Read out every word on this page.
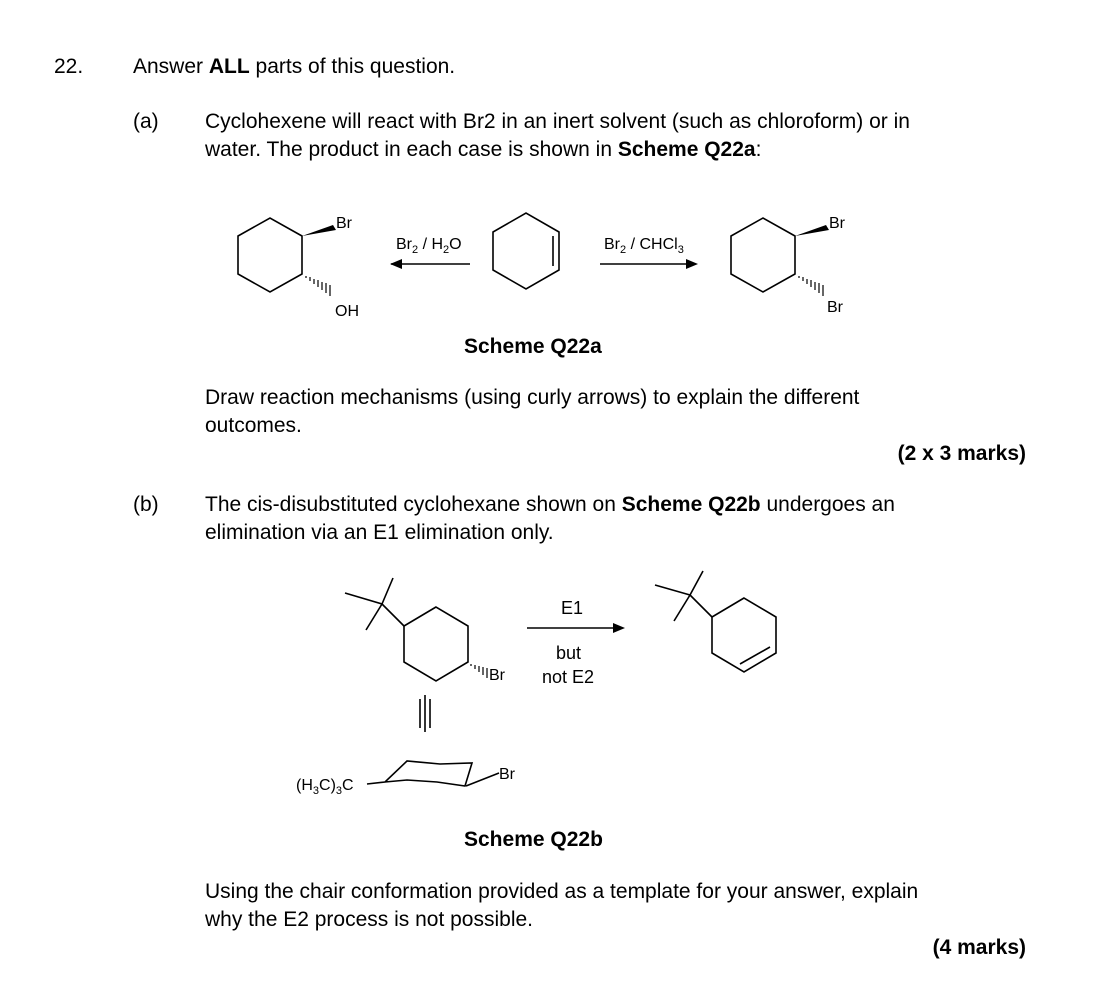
22. Answer ALL parts of this question.
(a) Cyclohexene will react with Br2 in an inert solvent (such as chloroform) or in
water. The product in each case is shown in Scheme Q22a:
Br
OH
Br
Br
$Br_2 / H_2O$	$Br_2$ / CHCl$_3$
Br
E1
but
not E2
$(H_3C)_3C$
Br
Scheme Q22a
Draw reaction mechanisms (using curly arrows) to explain the different
outcomes.
(2 x 3 marks)
(b) The cis-disubstituted cyclohexane shown on Scheme Q22b undergoes an
elimination via an E1 elimination only.
Scheme Q22b
Using the chair conformation provided as a template for your answer, explain
why the E2 process is not possible.
(4 marks)
